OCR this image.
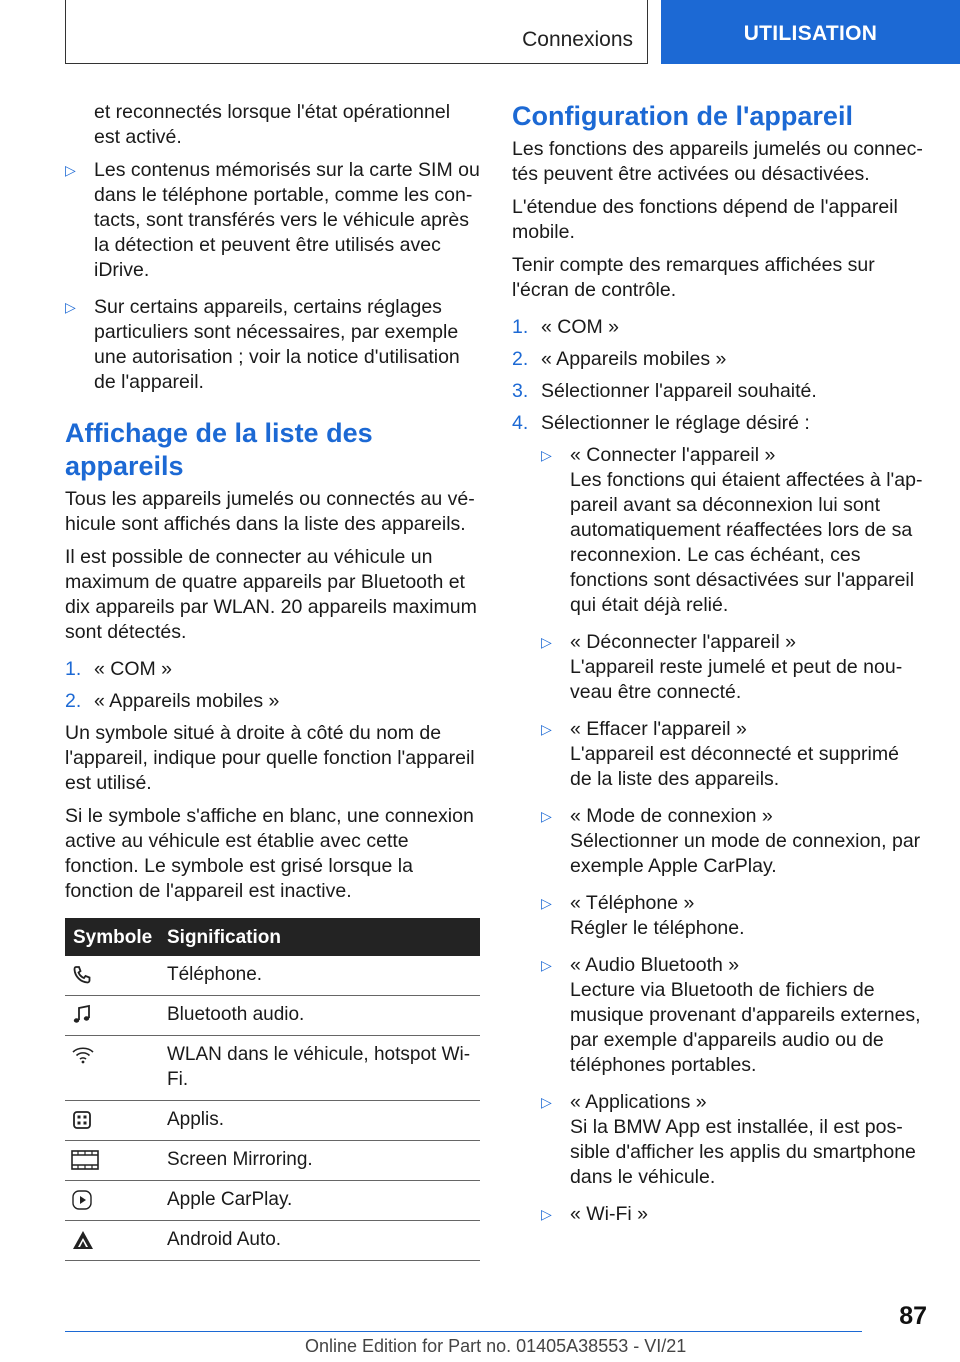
Connexions	UTILISATION

et reconnectés lorsque l'état opérationnel est activé.

▷ Les contenus mémorisés sur la carte SIM ou dans le téléphone portable, comme les contacts, sont transférés vers le véhicule après la détection et peuvent être utilisés avec iDrive.
▷ Sur certains appareils, certains réglages particuliers sont nécessaires, par exemple une autorisation ; voir la notice d'utilisation de l'appareil.
Affichage de la liste des appareils

Tous les appareils jumelés ou connectés au véhicule sont affichés dans la liste des appareils.

Il est possible de connecter au véhicule un maximum de quatre appareils par Bluetooth et dix appareils par WLAN. 20 appareils maximum sont détectés.

1. « COM »
2. « Appareils mobiles »

Un symbole situé à droite à côté du nom de l'appareil, indique pour quelle fonction l'appareil est utilisé.

Si le symbole s'affiche en blanc, une connexion active au véhicule est établie avec cette fonction. Le symbole est grisé lorsque la fonction de l'appareil est inactive.

Symbole	Signification

	Téléphone.

	Bluetooth audio.

	WLAN dans le véhicule, hotspot Wi-Fi.

	Applis.

	Screen Mirroring.

	Apple CarPlay.

	Android Auto.
Configuration de l'appareil

Les fonctions des appareils jumelés ou connectés peuvent être activées ou désactivées.

L'étendue des fonctions dépend de l'appareil mobile.

Tenir compte des remarques affichées sur l'écran de contrôle.

1. « COM »
2. « Appareils mobiles »
3. Sélectionner l'appareil souhaité.
4. Sélectionner le réglage désiré :
▷ « Connecter l'appareil »
Les fonctions qui étaient affectées à l'appareil avant sa déconnexion lui sont automatiquement réaffectées lors de sa reconnexion. Le cas échéant, ces fonctions sont désactivées sur l'appareil qui était déjà relié.
▷ « Déconnecter l'appareil »
L'appareil reste jumelé et peut de nouveau être connecté.
▷ « Effacer l'appareil »
L'appareil est déconnecté et supprimé de la liste des appareils.
▷ « Mode de connexion »
Sélectionner un mode de connexion, par exemple Apple CarPlay.
▷ « Téléphone »
Régler le téléphone.
▷ « Audio Bluetooth »
Lecture via Bluetooth de fichiers de musique provenant d'appareils externes, par exemple d'appareils audio ou de téléphones portables.
▷ « Applications »
Si la BMW App est installée, il est possible d'afficher les applis du smartphone dans le véhicule.
▷ « Wi-Fi »
87
Online Edition for Part no. 01405A38553 - VI/21
